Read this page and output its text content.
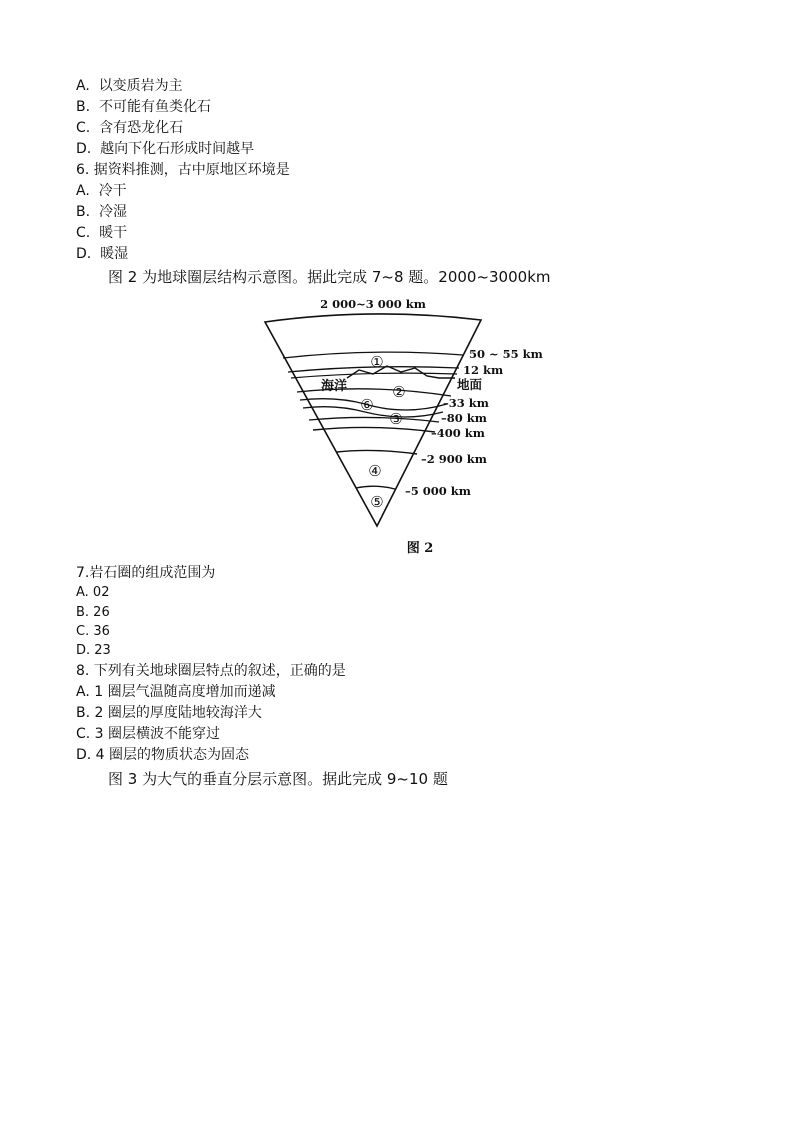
A. 以变质岩为主
B. 不可能有鱼类化石
C. 含有恐龙化石
D. 越向下化石形成时间越早
6. 据资料推测，古中原地区环境是
A. 冷干
B. 冷湿
C. 暖干
D. 暖湿
图 2 为地球圈层结构示意图。据此完成 7~8 题。2000~3000km
①
②
⑥
③
④
⑤
海洋
2 000~3 000 km
50 ~ 55 km
12 km
地面
–33 km
–80 km
–400 km
–2 900 km
–5 000 km
图 2
7.岩石圈的组成范围为
A. 02
B. 26
C. 36
D. 23
8. 下列有关地球圈层特点的叙述，正确的是
A. 1 圈层气温随高度增加而递减
B. 2 圈层的厚度陆地较海洋大
C. 3 圈层横波不能穿过
D. 4 圈层的物质状态为固态
图 3 为大气的垂直分层示意图。据此完成 9~10 题
